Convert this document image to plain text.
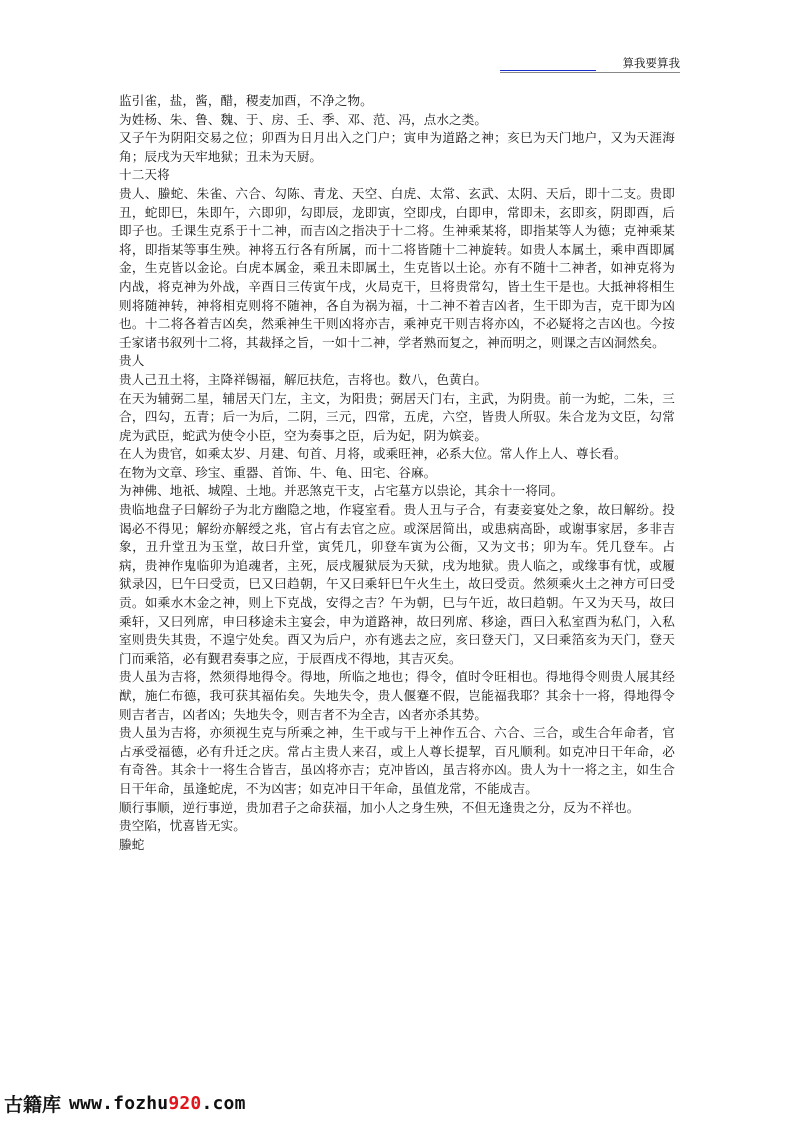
算我要算我

监引雀，盐，酱，醋，稷麦加酉，不净之物。

为姓杨、朱、鲁、魏、于、房、壬、季、邓、范、冯，点水之类。

又子午为阴阳交易之位；卯酉为日月出入之门户；寅申为道路之神；亥巳为天门地户，又为天涯海角；辰戌为天牢地狱；丑未为天厨。

十二天将

贵人、螣蛇、朱雀、六合、勾陈、青龙、天空、白虎、太常、玄武、太阴、天后，即十二支。贵即丑，蛇即巳，朱即午，六即卯，勾即辰，龙即寅，空即戌，白即申，常即未，玄即亥，阴即酉，后即子也。壬课生克系于十二神，而吉凶之指决于十二将。生神乘某将，即指某等人为德；克神乘某将，即指某等事生殃。神将五行各有所属，而十二将皆随十二神旋转。如贵人本属土，乘申酉即属金，生克皆以金论。白虎本属金，乘丑未即属土，生克皆以土论。亦有不随十二神者，如神克将为内战，将克神为外战，辛酉日三传寅午戌，火局克干，旦将贵常勾，皆土生干是也。大抵神将相生则将随神转，神将相克则将不随神，各自为祸为福，十二神不着吉凶者，生干即为吉，克干即为凶也。十二将各着吉凶矣，然乘神生干则凶将亦吉，乘神克干则吉将亦凶，不必疑将之吉凶也。今按壬家诸书叙列十二将，其裁择之旨，一如十二神，学者熟而复之，神而明之，则课之吉凶洞然矣。

贵人

贵人己丑土将，主降祥锡福，解厄扶危，吉将也。数八，色黄白。

在天为辅弼二星，辅居天门左，主文，为阳贵；弼居天门右，主武，为阴贵。前一为蛇，二朱，三合，四勾，五青；后一为后，二阴，三元，四常，五虎，六空，皆贵人所驭。朱合龙为文臣，勾常虎为武臣，蛇武为使令小臣，空为奏事之臣，后为妃，阴为嫔妾。

在人为贵官，如乘太岁、月建、旬首、月将，或乘旺神，必系大位。常人作上人、尊长看。

在物为文章、珍宝、重器、首饰、牛、龟、田宅、谷麻。

为神佛、地祇、城隍、土地。并恶煞克干支，占宅墓方以祟论，其余十一将同。

贵临地盘子曰解纷子为北方幽隐之地，作寝室看。贵人丑与子合，有妻妾宴处之象，故曰解纷。投谒必不得见；解纷亦解绶之兆，官占有去官之应。或深居简出，或患病高卧，或谢事家居，多非吉象，丑升堂丑为玉堂，故曰升堂，寅凭几，卯登车寅为公衙，又为文书；卯为车。凭几登车。占病，贵神作鬼临卯为追魂者，主死，辰戌履狱辰为天狱，戌为地狱。贵人临之，或缘事有忧，或履狱录囚，巳午曰受贡，巳又曰趋朝，午又曰乘轩巳午火生土，故曰受贡。然须乘火土之神方可曰受贡。如乘水木金之神，则上下克战，安得之吉？午为朝，巳与午近，故曰趋朝。午又为天马，故曰乘轩，又曰列席，申曰移途未主宴会，申为道路神，故曰列席、移途，酉曰入私室酉为私门，入私室则贵失其贵，不遑宁处矣。酉又为后户，亦有逃去之应，亥曰登天门，又曰乘箔亥为天门，登天门而乘箔，必有觐君奏事之应，于辰酉戌不得地，其吉灭矣。

贵人虽为吉将，然须得地得令。得地，所临之地也；得令，值时令旺相也。得地得令则贵人展其经猷，施仁布德，我可获其福佑矣。失地失令，贵人偃蹇不假，岂能福我耶？其余十一将，得地得令则吉者吉，凶者凶；失地失令，则吉者不为全吉，凶者亦杀其势。

贵人虽为吉将，亦须视生克与所乘之神，生干或与干上神作五合、六合、三合，或生合年命者，官占承受福德，必有升迁之庆。常占主贵人来召，或上人尊长提挈，百凡顺利。如克冲日干年命，必有奇咎。其余十一将生合皆吉，虽凶将亦吉；克冲皆凶，虽吉将亦凶。贵人为十一将之主，如生合日干年命，虽逢蛇虎，不为凶害；如克冲日干年命，虽值龙常，不能成吉。

顺行事顺，逆行事逆，贵加君子之命获福，加小人之身生殃，不但无逢贵之分，反为不祥也。

贵空陷，忧喜皆无实。

螣蛇

古籍库 www.fozhu920.com
